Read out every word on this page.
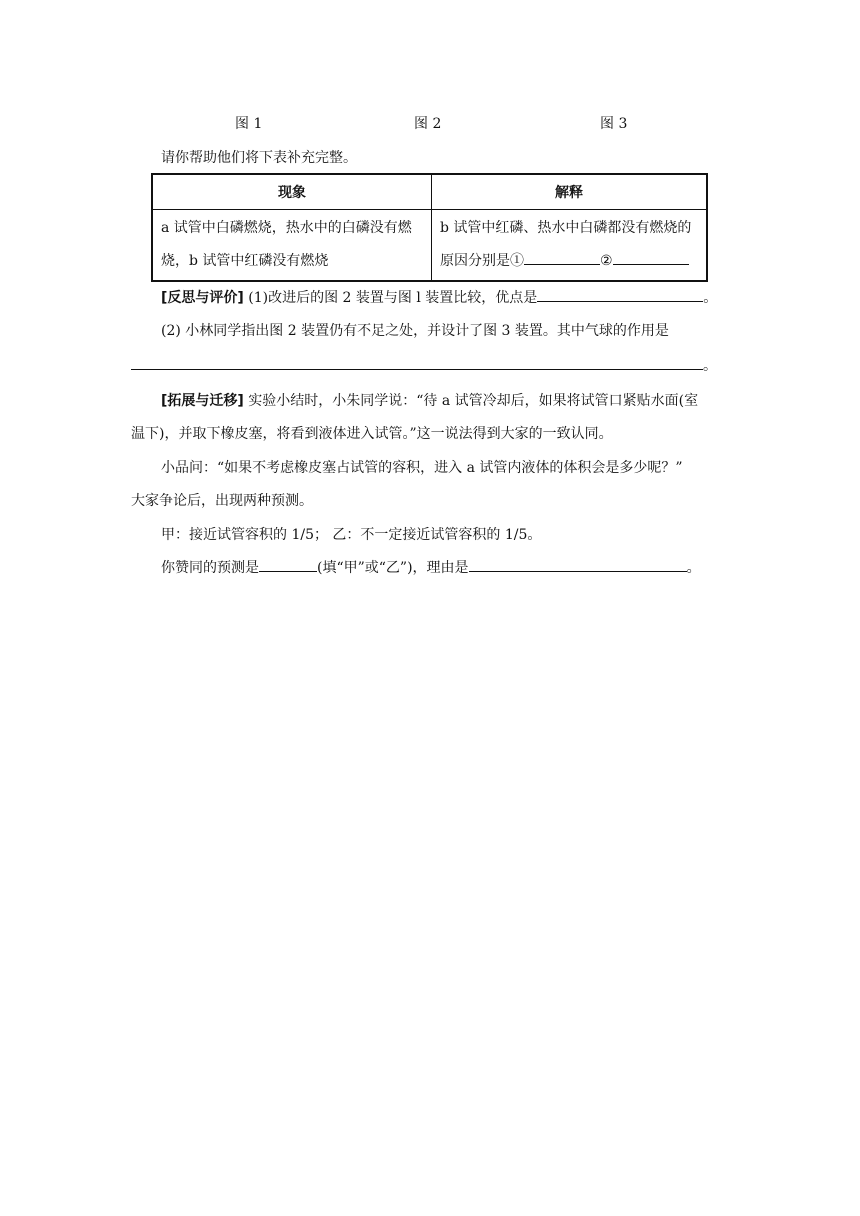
图 1	图 2	图 3
请你帮助他们将下表补充完整。
现象	解释
a 试管中白磷燃烧，热水中的白磷没有燃烧，b 试管中红磷没有燃烧	b 试管中红磷、热水中白磷都没有燃烧的
原因分别是① ②
[反思与评价] (1)改进后的图 2 装置与图 l 装置比较，优点是	。
(2) 小林同学指出图 2 装置仍有不足之处，并设计了图 3 装置。其中气球的作用是
。
[拓展与迁移] 实验小结时，小朱同学说：“待 a 试管冷却后，如果将试管口紧贴水面(室
温下)，并取下橡皮塞，将看到液体进入试管。”这一说法得到大家的一致认同。
小品问：“如果不考虑橡皮塞占试管的容积，进入 a 试管内液体的体积会是多少呢？”
大家争论后，出现两种预测。
甲：接近试管容积的 1/5； 乙：不一定接近试管容积的 1/5。
你赞同的预测是	(填“甲”或“乙”)，理由是	。
